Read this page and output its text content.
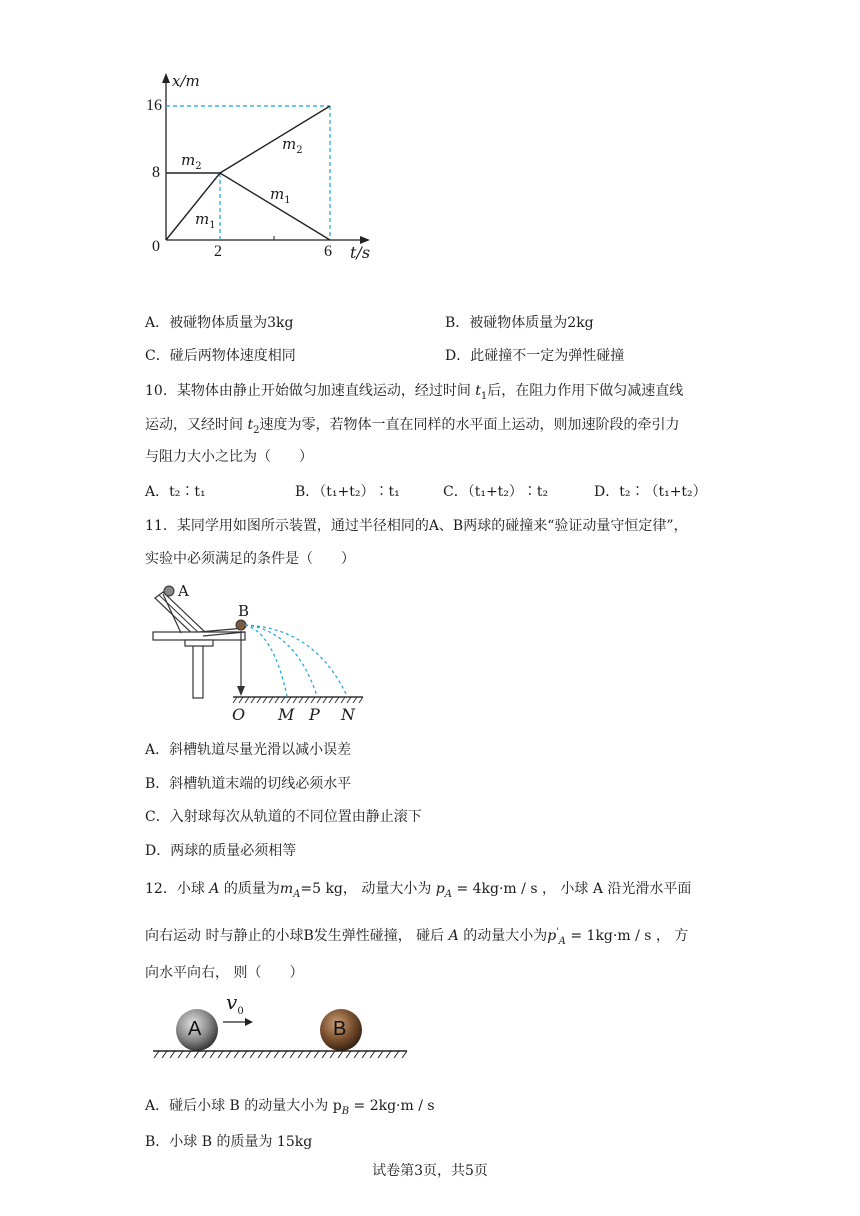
x/m
16
8
0	2	6 t/s
$m_2$
$m_2$
$m_1$
$m_1$
A．被碰物体质量为3kg	B．被碰物体质量为2kg
C．碰后两物体速度相同	D．此碰撞不一定为弹性碰撞
10．某物体由静止开始做匀加速直线运动，经过时间 $t_1$后，在阻力作用下做匀减速直线
运动，又经时间 $t_2$速度为零，若物体一直在同样的水平面上运动，则加速阶段的牵引力
与阻力大小之比为（　　）
A．t₂∶t₁	B．（t₁+t₂）∶t₁	C．（t₁+t₂）∶t₂	D．t₂∶（t₁+t₂）
11．某同学用如图所示装置，通过半径相同的A、B两球的碰撞来“验证动量守恒定律”，
实验中必须满足的条件是（　　）
A
B
O M P N
A．斜槽轨道尽量光滑以减小误差
B．斜槽轨道末端的切线必须水平
C．入射球每次从轨道的不同位置由静止滚下
D．两球的质量必须相等
12．小球 A 的质量为$m_A=5$ kg， 动量大小为 $p_A = 4kg\cdot m / s$ ， 小球 A 沿光滑水平面
向右运动 时与静止的小球B发生弹性碰撞， 碰后 A 的动量大小为$p'_A = 1kg\cdot m / s$ ， 方
向水平向右， 则（　　）
A	B
$v_0$
A．碰后小球 B 的动量大小为 $p_B = 2kg\cdot m / s$
B．小球 B 的质量为 15kg
试卷第3页，共5页
